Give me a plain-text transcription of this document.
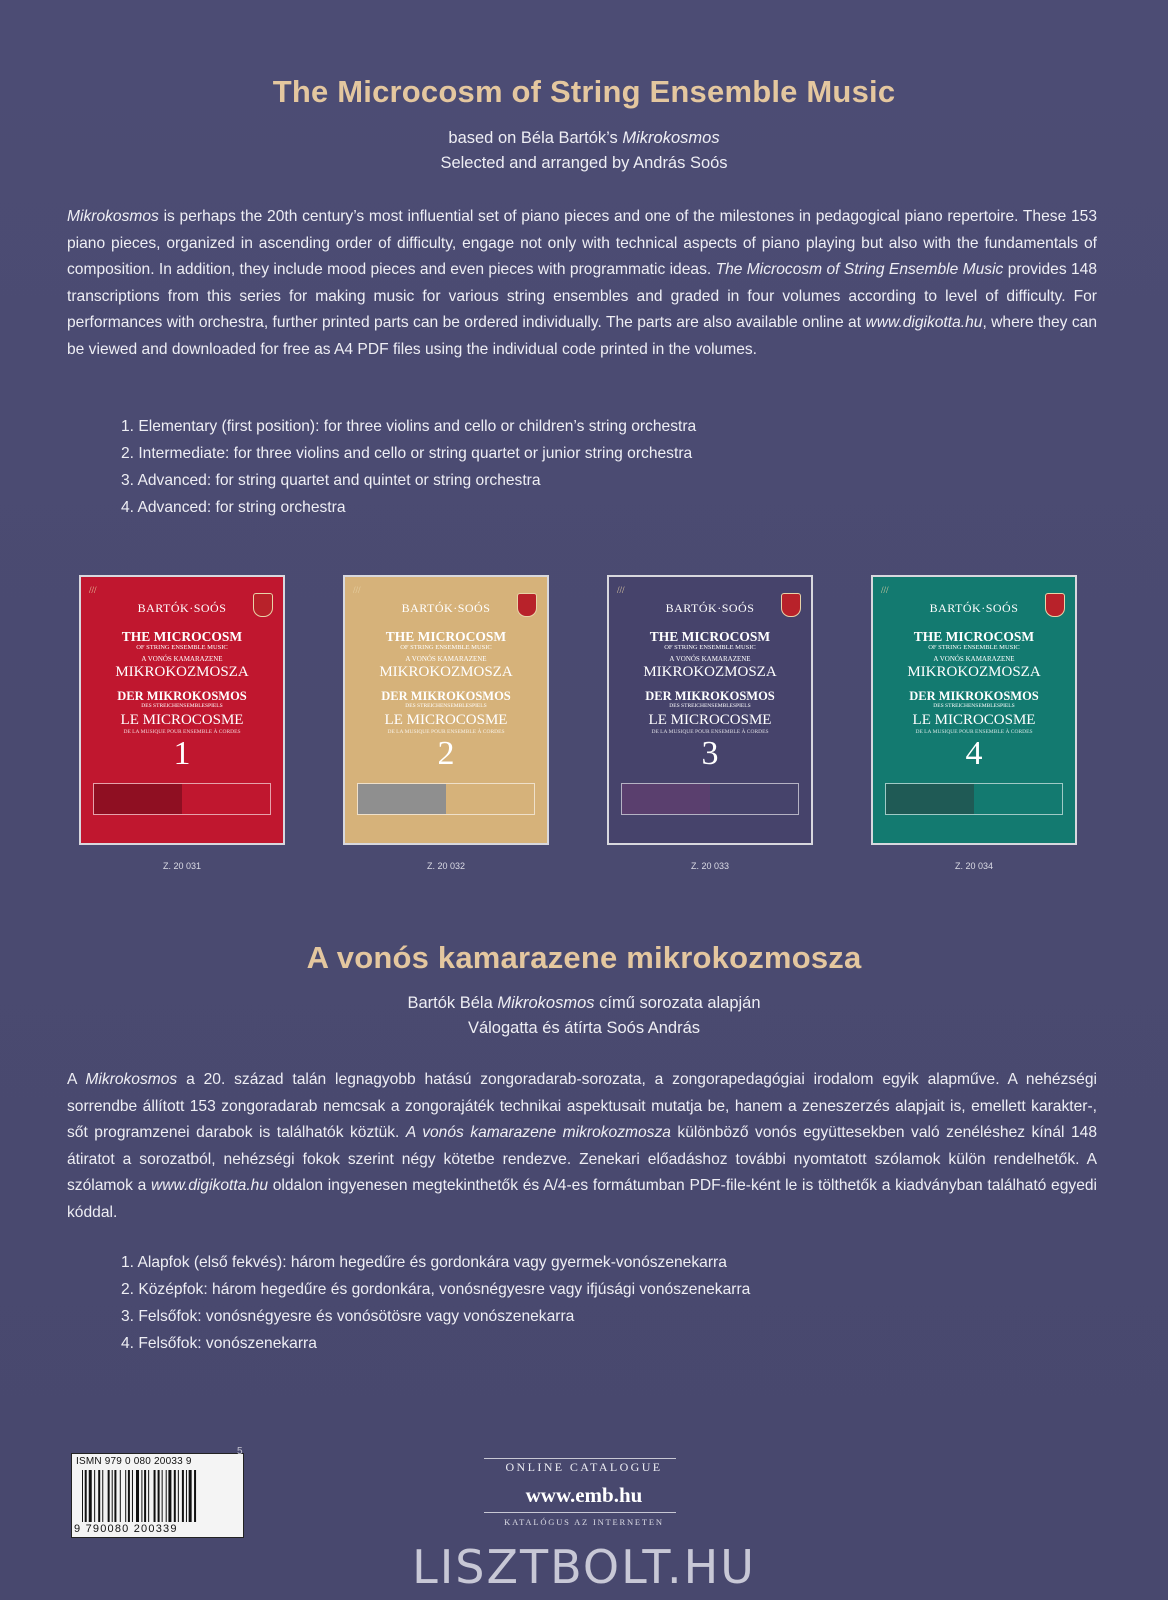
The Microcosm of String Ensemble Music
based on Béla Bartók’s Mikrokosmos
Selected and arranged by András Soós
Mikrokosmos is perhaps the 20th century’s most influential set of piano pieces and one of the milestones in pedagogical piano repertoire. These 153 piano pieces, organized in ascending order of difficulty, engage not only with technical aspects of piano playing but also with the fundamentals of composition. In addition, they include mood pieces and even pieces with programmatic ideas. The Microcosm of String Ensemble Music provides 148 transcriptions from this series for making music for various string ensembles and graded in four volumes according to level of difficulty. For performances with orchestra, further printed parts can be ordered individually. The parts are also available online at www.digikotta.hu, where they can be viewed and downloaded for free as A4 PDF files using the individual code printed in the volumes.
1. Elementary (first position): for three violins and cello or children’s string orchestra
2. Intermediate: for three violins and cello or string quartet or junior string orchestra
3. Advanced: for string quartet and quintet or string orchestra
4. Advanced: for string orchestra
///
BARTÓK·SOÓS
THE MICROCOSM
OF STRING ENSEMBLE MUSIC
A VONÓS KAMARAZENE
MIKROKOZMOSZA
DER MIKROKOSMOS
DES STREICHENSEMBLESPIELS
LE MICROCOSME
DE LA MUSIQUE POUR ENSEMBLE À CORDES
1
Z. 20 031
///
BARTÓK·SOÓS
THE MICROCOSM
OF STRING ENSEMBLE MUSIC
A VONÓS KAMARAZENE
MIKROKOZMOSZA
DER MIKROKOSMOS
DES STREICHENSEMBLESPIELS
LE MICROCOSME
DE LA MUSIQUE POUR ENSEMBLE À CORDES
2
Z. 20 032
///
BARTÓK·SOÓS
THE MICROCOSM
OF STRING ENSEMBLE MUSIC
A VONÓS KAMARAZENE
MIKROKOZMOSZA
DER MIKROKOSMOS
DES STREICHENSEMBLESPIELS
LE MICROCOSME
DE LA MUSIQUE POUR ENSEMBLE À CORDES
3
Z. 20 033
///
BARTÓK·SOÓS
THE MICROCOSM
OF STRING ENSEMBLE MUSIC
A VONÓS KAMARAZENE
MIKROKOZMOSZA
DER MIKROKOSMOS
DES STREICHENSEMBLESPIELS
LE MICROCOSME
DE LA MUSIQUE POUR ENSEMBLE À CORDES
4
Z. 20 034
A vonós kamarazene mikrokozmosza
Bartók Béla Mikrokosmos című sorozata alapján
Válogatta és átírta Soós András
A Mikrokosmos a 20. század talán legnagyobb hatású zongoradarab-sorozata, a zongorapedagógiai irodalom egyik alapműve. A nehézségi sorrendbe állított 153 zongoradarab nemcsak a zongorajáték technikai aspektusait mutatja be, hanem a zeneszerzés alapjait is, emellett karakter-, sőt programzenei darabok is találhatók köztük. A vonós kamarazene mikrokozmosza különböző vonós együttesekben való zenéléshez kínál 148 átiratot a sorozatból, nehézségi fokok szerint négy kötetbe rendezve. Zenekari előadáshoz további nyomtatott szólamok külön rendelhetők. A szólamok a www.digikotta.hu oldalon ingyenesen megtekinthetők és A/4-es formátumban PDF-file-ként le is tölthetők a kiadványban található egyedi kóddal.
1. Alapfok (első fekvés): három hegedűre és gordonkára vagy gyermek-vonószenekarra
2. Középfok: három hegedűre és gordonkára, vonósnégyesre vagy ifjúsági vonószenekarra
3. Felsőfok: vonósnégyesre és vonósötösre vagy vonószenekarra
4. Felsőfok: vonószenekarra
ISMN 979 0 080 20033 9
9 790080 200339
5
ONLINE CATALOGUE
www.emb.hu
KATALÓGUS AZ INTERNETEN
LISZTBOLT.HU
